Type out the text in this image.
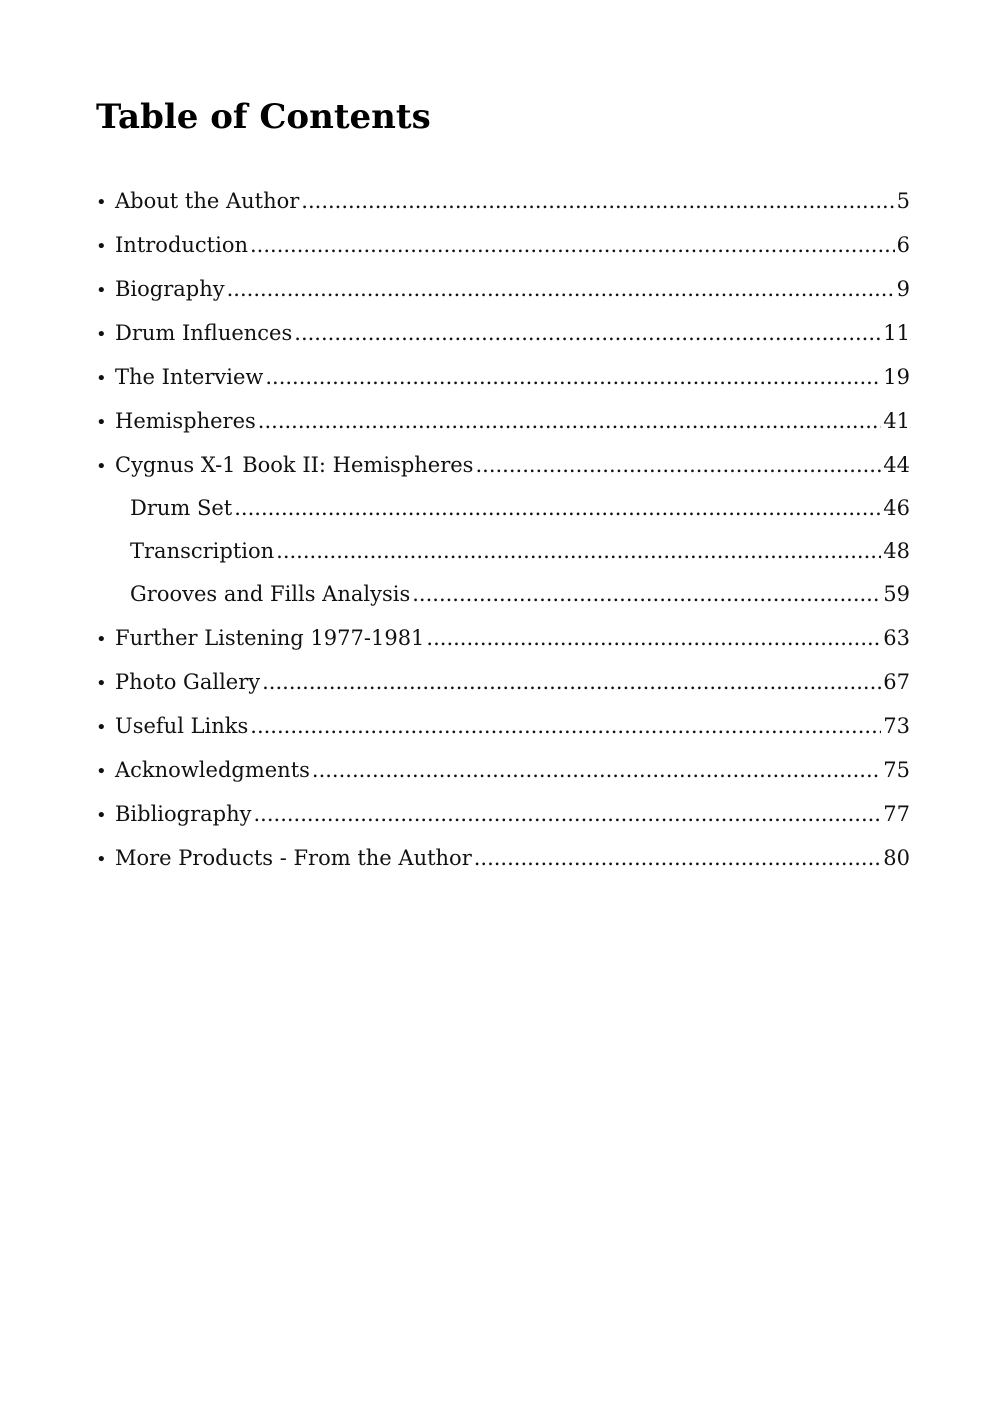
Table of Contents
• About the Author .....	5
• Introduction .....	6
• Biography .....	9
• Drum Influences .....	11
• The Interview .....	19
• Hemispheres .....	41
• Cygnus X-1 Book II: Hemispheres .....	44
Drum Set .....	46
Transcription .....	48
Grooves and Fills Analysis .....	59
• Further Listening 1977-1981 .....	63
• Photo Gallery .....	67
• Useful Links .....	73
• Acknowledgments .....	75
• Bibliography .....	77
• More Products - From the Author .....	80
